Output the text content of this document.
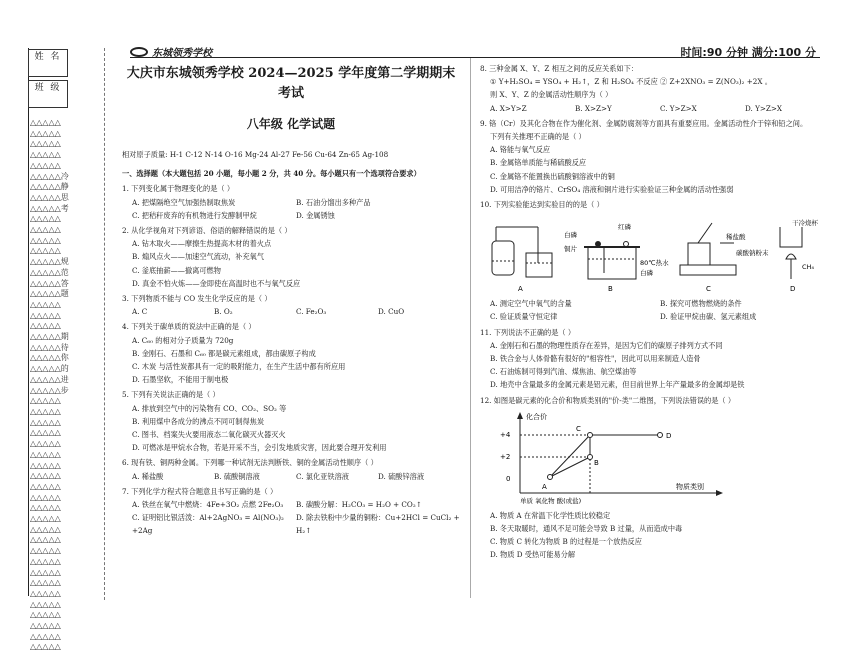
姓 名
班 级
△△△△△
△△△△△
△△△△△
△△△△△
△△△△△
△△△△△冷
△△△△△静
△△△△△思
△△△△△考
△△△△△
△△△△△
△△△△△
△△△△△
△△△△△规
△△△△△范
△△△△△答
△△△△△题
△△△△△
△△△△△
△△△△△
△△△△△期
△△△△△待
△△△△△你
△△△△△的
△△△△△进
△△△△△步
△△△△△
△△△△△
△△△△△
△△△△△
△△△△△
△△△△△
△△△△△
△△△△△
△△△△△
△△△△△
△△△△△
△△△△△
△△△△△
△△△△△
△△△△△
△△△△△
△△△△△
△△△△△
△△△△△
△△△△△
△△△△△
△△△△△
△△△△△
△△△△△
东城领秀学校	时间:90 分钟 满分:100 分
大庆市东城领秀学校 2024—2025 学年度第二学期期末考试
八年级 化学试题
相对原子质量: H-1 C-12 N-14 O-16 Mg-24 Al-27 Fe-56 Cu-64 Zn-65 Ag-108
一、选择题（本大题包括 20 小题，每小题 2 分，共 40 分。每小题只有一个选项符合要求）
1. 下列变化属于物理变化的是（ ）
A. 把煤隔绝空气加强热制取焦炭	B. 石油分馏出多种产品
C. 把秸秆废弃的有机物进行发酵制甲烷	D. 金属锈蚀
2. 从化学视角对下列谚语、俗语的解释错误的是（ ）
A. 钻木取火——摩擦生热提高木材的着火点
B. 煽风点火——加速空气流动，补充氧气
C. 釜底抽薪——撤离可燃物
D. 真金不怕火炼——金即使在高温时也不与氧气反应
3. 下列物质不能与 CO 发生化学反应的是（ ）
A. C	B. O₂	C. Fe₂O₃	D. CuO
4. 下列关于碳单质的说法中正确的是（ ）
A. C₆₀ 的相对分子质量为 720g
B. 金刚石、石墨和 C₆₀ 都是碳元素组成，都由碳原子构成
C. 木炭 与活性炭都具有一定的吸附能力，在生产生活中都有所应用
D. 石墨坚软，不能用于制电极
5. 下列有关说法正确的是（ ）
A. 排放到空气中的污染物有 CO、CO₂、SO₂ 等
B. 利用煤中各成分的沸点不同可制得焦炭
C. 图书、档案失火要用液态二氧化碳灭火器灭火
D. 可燃冰是甲烷水合物，若是开采不当，会引发地质灾害，因此要合理开发利用
6. 现有铁、铜两种金属。下列哪一种试剂无法判断铁、铜的金属活动性顺序（ ）
A. 稀盐酸	B. 硫酸铜溶液	C. 氯化亚铁溶液	D. 硫酸锌溶液
7. 下列化学方程式符合题意且书写正确的是（ ）
A. 铁丝在氧气中燃烧：4Fe+3O₂ 点燃 2Fe₂O₃	B. 碳酸分解：H₂CO₃ = H₂O + CO₂↑
C. 证明铝比银活泼：Al+2AgNO₃ = Al(NO₃)₂ +2Ag
D. 除去铁粉中少量的铜粉：Cu+2HCl = CuCl₂ + H₂↑
8. 三种金属 X、Y、Z 相互之间的反应关系如下：
① Y+H₂SO₄ = YSO₄ + H₂↑，Z 和 H₂SO₄ 不反应 ② Z+2XNO₃ = Z(NO₃)₂ +2X 。
则 X、Y、Z 的金属活动性顺序为（ ）
A. X>Y>Z	B. X>Z>Y	C. Y>Z>X	D. Y>Z>X
9. 铬（Cr）及其化合物在作为催化剂、金属防腐剂等方面具有重要应用。金属活动性介于锌和铅之间。
下列有关推理不正确的是（ ）
A. 铬能与氧气反应
B. 金属铬单质能与稀硫酸反应
C. 金属铬不能置换出硫酸铜溶液中的铜
D. 可用洁净的铬片、CrSO₄ 溶液和铜片进行实验验证三种金属的活动性强弱
10. 下列实验能达到实验目的的是（ ）
白磷
红磷
铜片
80℃热水
白磷
稀盐酸
碳酸钠粉末
干冷烧杯
CH₄
A	B	C	D
A. 测定空气中氧气的含量	B. 探究可燃物燃烧的条件
C. 验证质量守恒定律	D. 验证甲烷由碳、氢元素组成
11. 下列说法不正确的是（ ）
A. 金刚石和石墨的物理性质存在差异，是因为它们的碳原子排列方式不同
B. 铁合金与人体骨骼有很好的"相容性"，因此可以用来制造人造骨
C. 石油炼制可得到汽油、煤焦油、航空煤油等
D. 地壳中含量最多的金属元素是铝元素，但目前世界上年产量最多的金属却是铁
12. 如图是碳元素的化合价和物质类别的"价-类"二维图，下列说法错误的是（ ）
化合价
物质类别
+4
+2
0
单质 氧化物 酸(或盐)
A
B
C
D
A. 物质 A 在常温下化学性质比较稳定
B. 冬天取暖时，通风不足可能会导致 B 过量，从而造成中毒
C. 物质 C 转化为物质 B 的过程是一个放热反应
D. 物质 D 受热可能易分解
